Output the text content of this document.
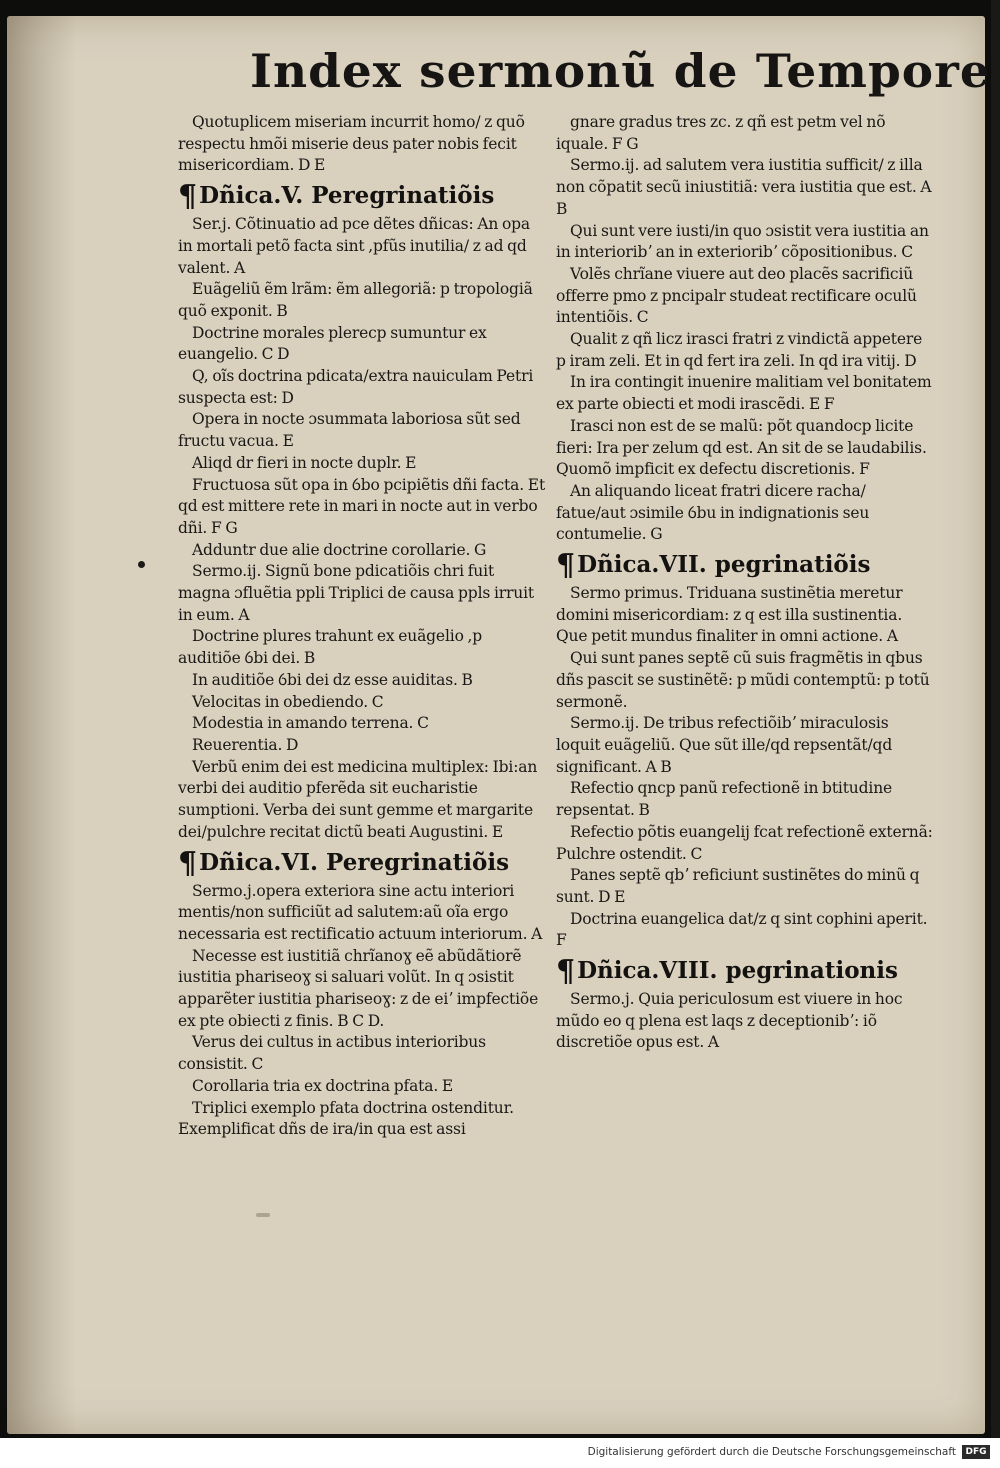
Index sermonũ de Tempore

Quotuplicem miseriam incurrit homo/ z quõ respectu hmõi miserie deus pater nobis fecit misericordiam. D E

¶Dñica.V. Peregrinatiõis

Ser.j. Cõtinuatio ad pce dẽtes dñicas: An opa in mortali petõ facta sint ,pfũs inutilia/ z ad qd valent. A

Euãgeliũ ẽm lrãm: ẽm allegoriã: p tropologiã quõ exponit. B

Doctrine morales plerecp sumuntur ex euangelio. C D

Q, oĩs doctrina pdicata/extra nauiculam Petri suspecta est: D

Opera in nocte ɔsummata laboriosa sũt sed fructu vacua. E

Aliqd dr fieri in nocte duplr. E

Fructuosa sũt opa in ỽbo pcipiẽtis dñi facta. Et qd est mittere rete in mari in nocte aut in verbo dñi. F G

Adduntr due alie doctrine corollarie. G

Sermo.ij. Signũ bone pdicatiõis chri fuit magna ɔfluẽtia ppli Triplici de causa ppls irruit in eum. A

Doctrine plures trahunt ex euãgelio ,p auditiõe ỽbi dei. B

In auditiõe ỽbi dei dz esse auiditas. B

Velocitas in obediendo. C

Modestia in amando terrena. C

Reuerentia. D

Verbũ enim dei est medicina multiplex: Ibi:an verbi dei auditio pferẽda sit eucharistie sumptioni. Verba dei sunt gemme et margarite dei/pulchre recitat dictũ beati Augustini. E

¶Dñica.VI. Peregrinatiõis

Sermo.j.opera exteriora sine actu interiori mentis/non sufficiũt ad salutem:aũ oĩa ergo necessaria est rectificatio actuum interiorum. A

Necesse est iustitiã chrĩanoɣ eẽ abũdãtiorẽ iustitia phariseoɣ si saluari volũt. In q ɔsistit apparẽter iustitia phariseoɣ: z de eiʼ impfectiõe ex pte obiecti z finis. B C D.

Verus dei cultus in actibus interioribus consistit. C

Corollaria tria ex doctrina pfata. E

Triplici exemplo pfata doctrina ostenditur. Exemplificat dñs de ira/in qua est assi

gnare gradus tres zc. z qñ est petm vel nõ iquale. F G

Sermo.ij. ad salutem vera iustitia sufficit/ z illa non cõpatit secũ iniustitiã: vera iustitia que est. A B

Qui sunt vere iusti/in quo ɔsistit vera iustitia an in interioribʼ an in exterioribʼ cõpositionibus. C

Volẽs chrĩane viuere aut deo placẽs sacrificiũ offerre pmo z pncipalr studeat rectificare oculũ intentiõis. C

Qualit z qñ licz irasci fratri z vindictã appetere p iram zeli. Et in qd fert ira zeli. In qd ira vitij. D

In ira contingit inuenire malitiam vel bonitatem ex parte obiecti et modi irascẽdi. E F

Irasci non est de se malũ: põt quandocp licite fieri: Ira per zelum qd est. An sit de se laudabilis. Quomõ impficit ex defectu discretionis. F

An aliquando liceat fratri dicere racha/ fatue/aut ɔsimile ỽbu in indignationis seu contumelie. G

¶Dñica.VII. pegrinatiõis

Sermo primus. Triduana sustinẽtia meretur domini misericordiam: z q est illa sustinentia. Que petit mundus finaliter in omni actione. A

Qui sunt panes septẽ cũ suis fragmẽtis in qbus dñs pascit se sustinẽtẽ: p mũdi contemptũ: p totũ sermonẽ.

Sermo.ij. De tribus refectiõibʼ miraculosis loquit euãgeliũ. Que sũt ille/qd repsentãt/qd significant. A B

Refectio qncp panũ refectionẽ in btitudine repsentat. B

Refectio põtis euangelij fcat refectionẽ externã: Pulchre ostendit. C

Panes septẽ qbʼ reficiunt sustinẽtes do minũ q sunt. D E

Doctrina euangelica dat/z q sint cophini aperit. F

¶Dñica.VIII. pegrinationis

Sermo.j. Quia periculosum est viuere in hoc mũdo eo q plena est laqs z deceptionibʼ: iõ discretiõe opus est. A

Digitalisierung gefördert durch die Deutsche Forschungsgemeinschaft	DFG
